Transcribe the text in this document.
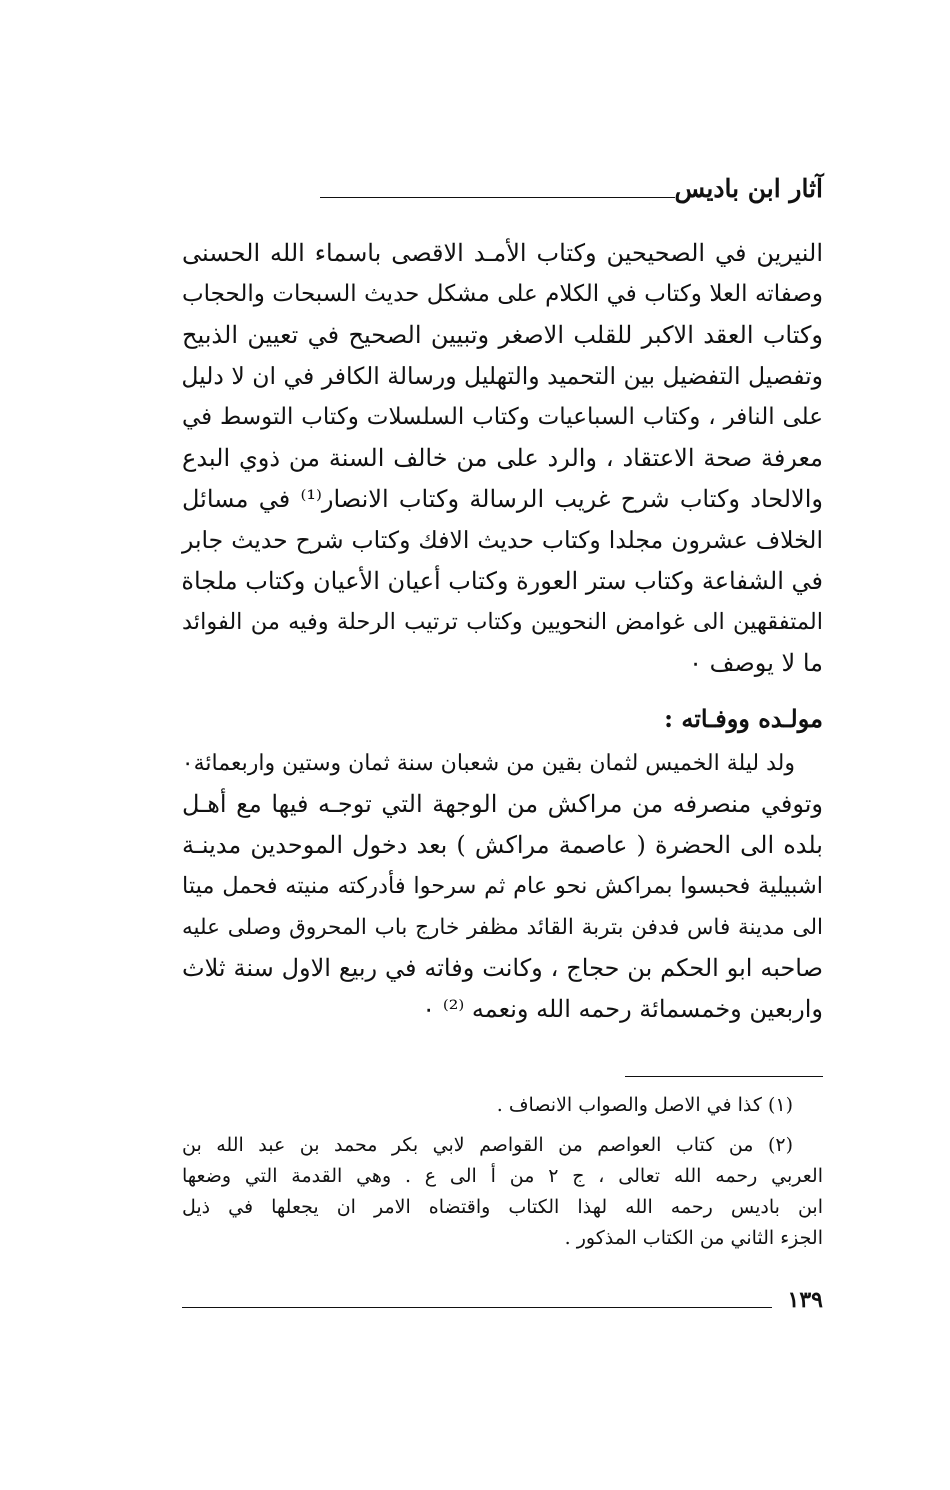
آثار ابن باديس
النيرين في الصحيحين وكتاب الأمـد الاقصى باسماء الله الحسنى
وصفاته العلا وكتاب في الكلام على مشكل حديث السبحات والحجاب
وكتاب العقد الاكبر للقلب الاصغر وتبيين الصحيح في تعيين الذبيح
وتفصيل التفضيل بين التحميد والتهليل ورسالة الكافر في ان لا دليل
على النافر ، وكتاب السباعيات وكتاب السلسلات وكتاب التوسط في
معرفة صحة الاعتقاد ، والرد على من خالف السنة من ذوي البدع
والالحاد وكتاب شرح غريب الرسالة وكتاب الانصار⁽¹⁾ في مسائل
الخلاف عشرون مجلدا وكتاب حديث الافك وكتاب شرح حديث جابر
في الشفاعة وكتاب ستر العورة وكتاب أعيان الأعيان وكتاب ملجاة
المتفقهين الى غوامض النحويين وكتاب ترتيب الرحلة وفيه من الفوائد
ما لا يوصف ٠
مولـده ووفـاته :
ولد ليلة الخميس لثمان بقين من شعبان سنة ثمان وستين واربعمائة٠
وتوفي منصرفه من مراكش من الوجهة التي توجـه فيها مع أهـل
بلده الى الحضرة ( عاصمة مراكش ) بعد دخول الموحدين مدينـة
اشبيلية فحبسوا بمراكش نحو عام ثم سرحوا فأدركته منيته فحمل ميتا
الى مدينة فاس فدفن بتربة القائد مظفر خارج باب المحروق وصلى عليه
صاحبه ابو الحكم بن حجاج ، وكانت وفاته في ربيع الاول سنة ثلاث
واربعين وخمسمائة رحمه الله ونعمه ⁽²⁾ ٠
(١) كذا في الاصل والصواب الانصاف .
(٢) من كتاب العواصم من القواصم لابي بكر محمد بن عبد الله بن
العربي رحمه الله تعالى ، ج ٢ من أ الى ع . وهي القدمة التي وضعها
ابن باديس رحمه الله لهذا الكتاب واقتضاه الامر ان يجعلها في ذيل
الجزء الثاني من الكتاب المذكور .
١٣٩
